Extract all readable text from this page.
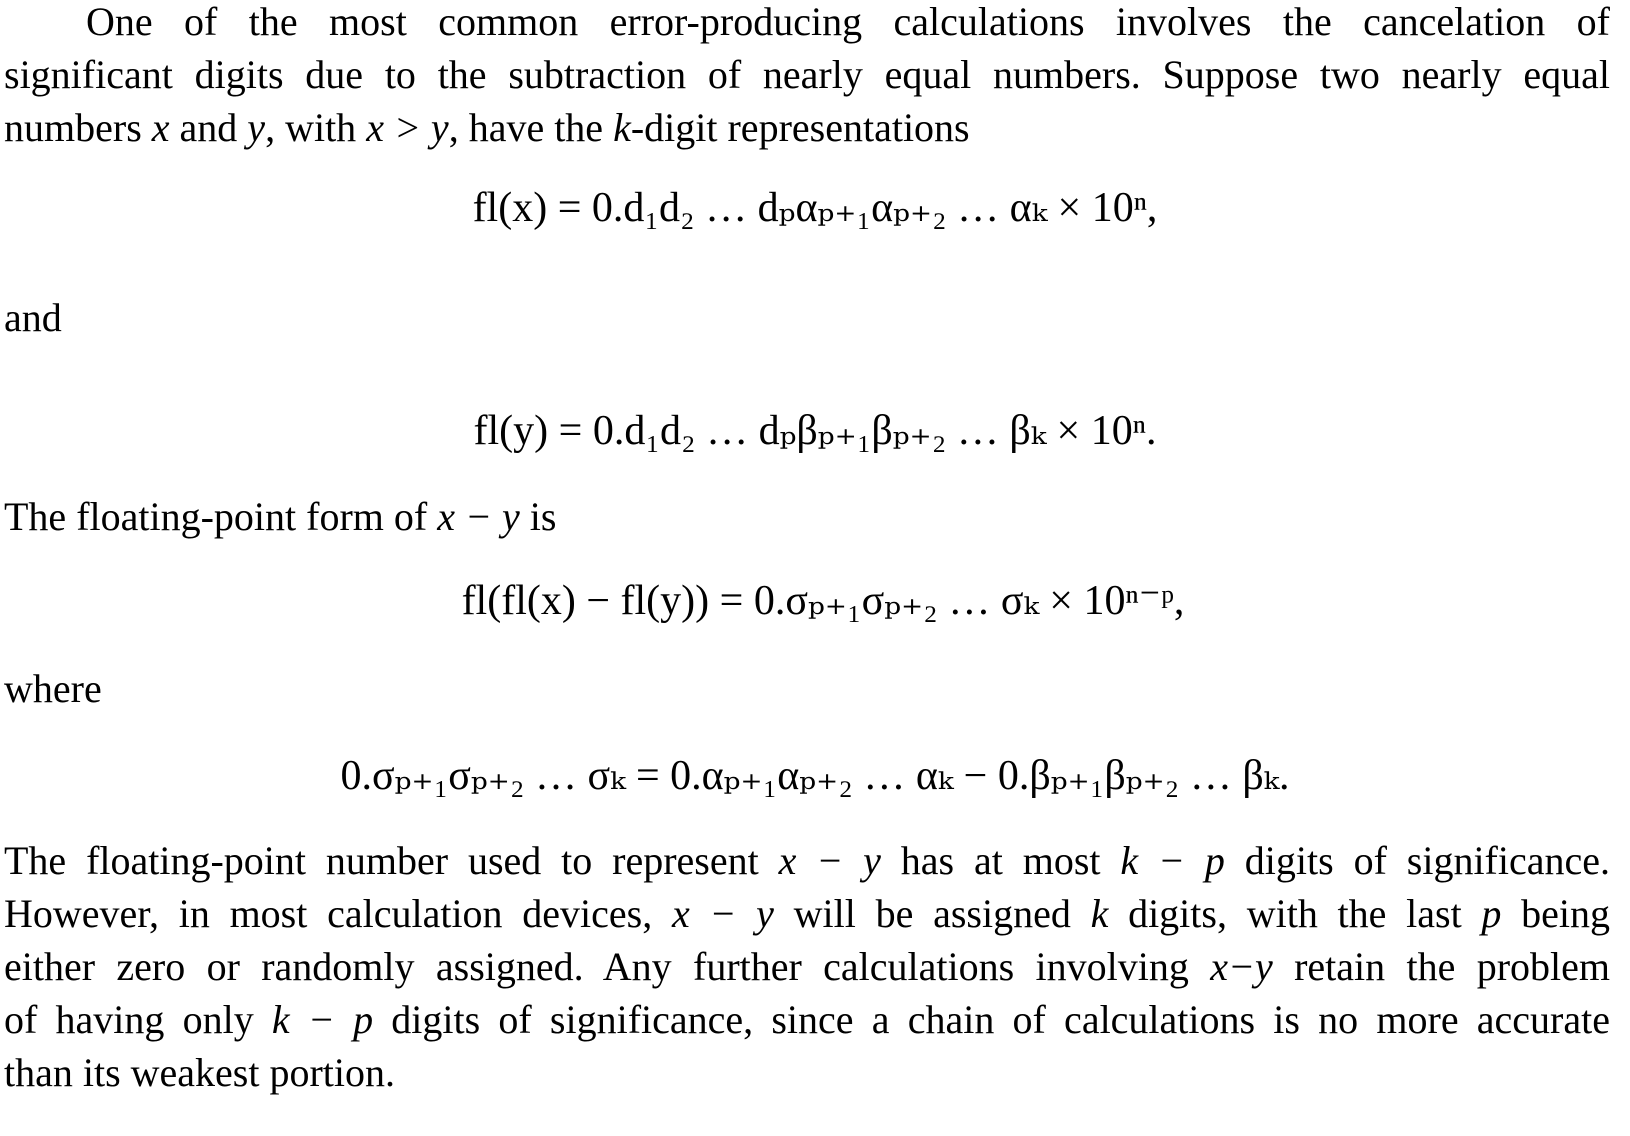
One of the most common error-producing calculations involves the cancelation of
significant digits due to the subtraction of nearly equal numbers. Suppose two nearly equal
numbers x and y, with x > y, have the k-digit representations
fl(x) = 0.d₁d₂ … dₚαₚ₊₁αₚ₊₂ … αₖ × 10ⁿ,
and
fl(y) = 0.d₁d₂ … dₚβₚ₊₁βₚ₊₂ … βₖ × 10ⁿ.
The floating-point form of x − y is
fl(fl(x) − fl(y)) = 0.σₚ₊₁σₚ₊₂ … σₖ × 10ⁿ⁻ᵖ,
where
0.σₚ₊₁σₚ₊₂ … σₖ = 0.αₚ₊₁αₚ₊₂ … αₖ − 0.βₚ₊₁βₚ₊₂ … βₖ.
The floating-point number used to represent x − y has at most k − p digits of significance.
However, in most calculation devices, x − y will be assigned k digits, with the last p being
either zero or randomly assigned. Any further calculations involving x−y retain the problem
of having only k − p digits of significance, since a chain of calculations is no more accurate
than its weakest portion.
